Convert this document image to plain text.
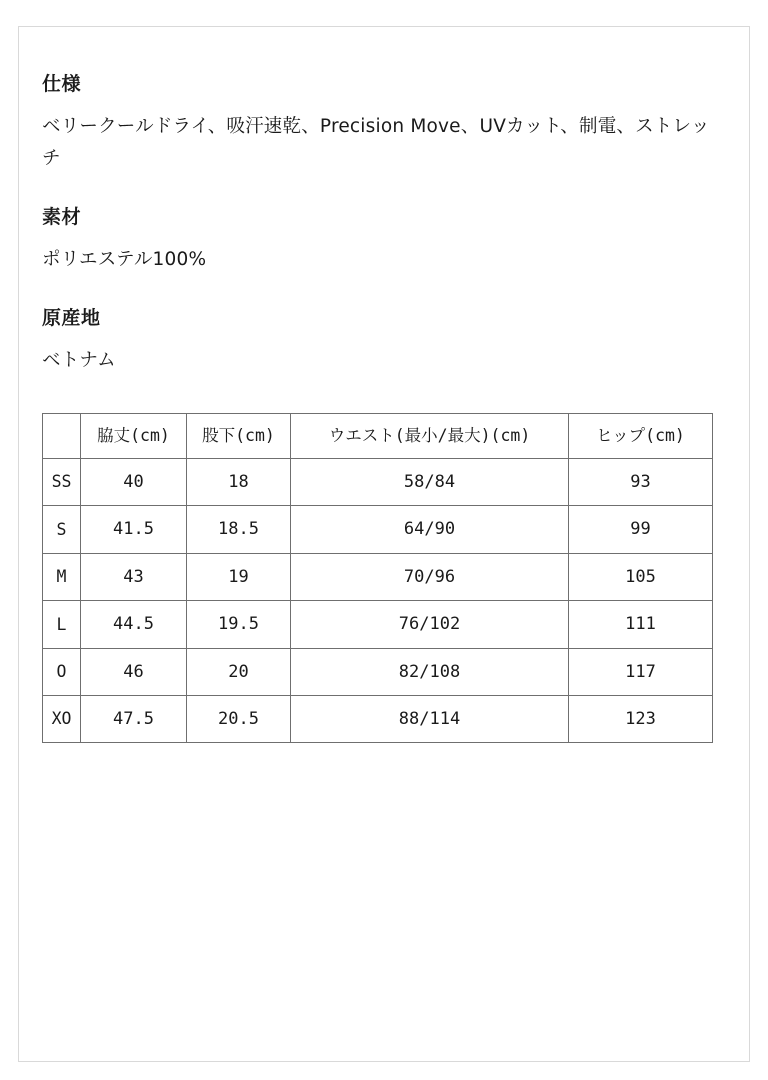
仕様

ベリークールドライ、吸汗速乾、Precision Move、UVカット、制電、ストレッチ

素材

ポリエステル100%

原産地

ベトナム

	脇丈(cm)	股下(cm)	ウエスト(最小/最大)(cm)	ヒップ(cm)
SS	40	18	58/84	93
S	41.5	18.5	64/90	99
M	43	19	70/96	105
L	44.5	19.5	76/102	111
O	46	20	82/108	117
XO	47.5	20.5	88/114	123
